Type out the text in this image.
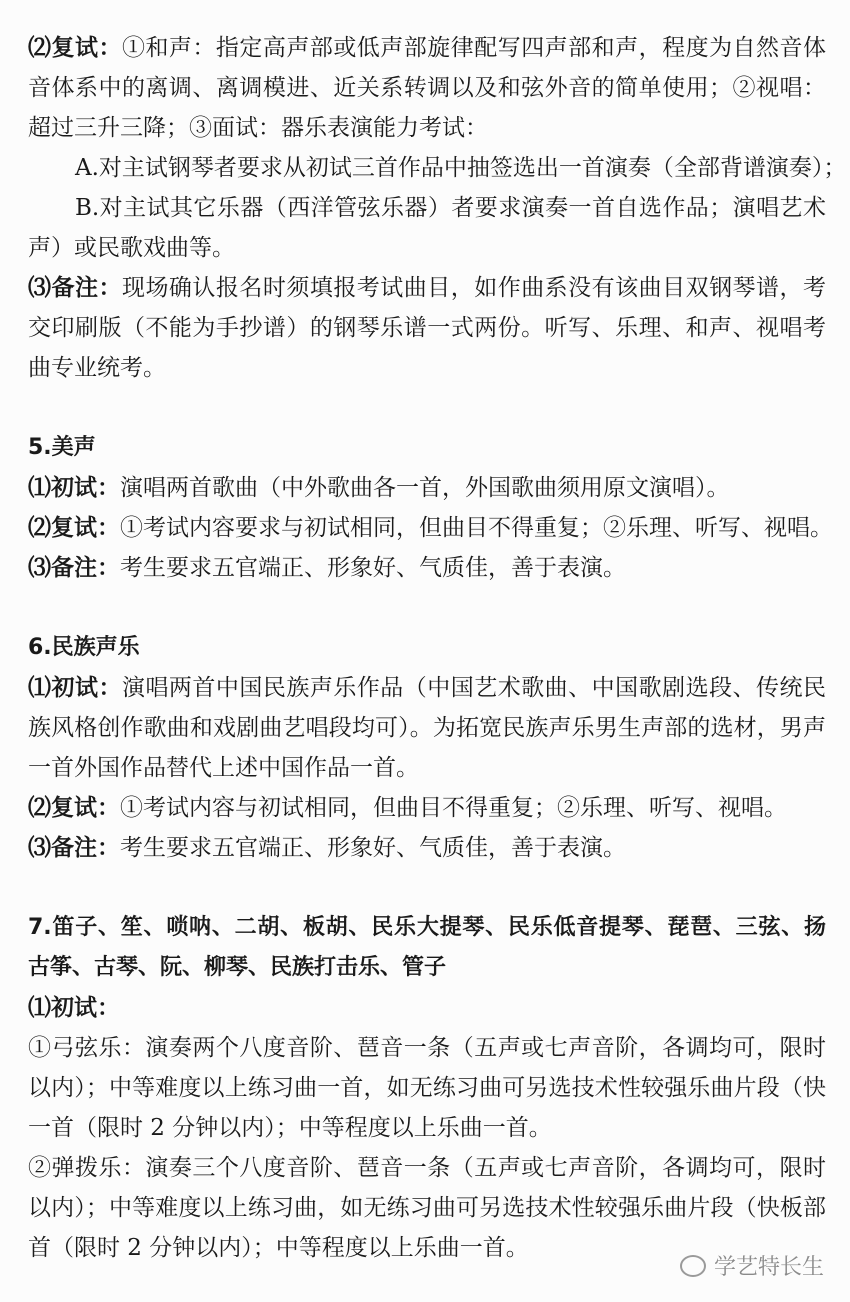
⑵复试：①和声：指定高声部或低声部旋律配写四声部和声，程度为自然音体
音体系中的离调、离调模进、近关系转调以及和弦外音的简单使用；②视唱：
超过三升三降；③面试：器乐表演能力考试：
A.对主试钢琴者要求从初试三首作品中抽签选出一首演奏（全部背谱演奏）；
B.对主试其它乐器（西洋管弦乐器）者要求演奏一首自选作品；演唱艺术
声）或民歌戏曲等。
⑶备注：现场确认报名时须填报考试曲目，如作曲系没有该曲目双钢琴谱，考
交印刷版（不能为手抄谱）的钢琴乐谱一式两份。听写、乐理、和声、视唱考
曲专业统考。
5.美声
⑴初试：演唱两首歌曲（中外歌曲各一首，外国歌曲须用原文演唱）。
⑵复试：①考试内容要求与初试相同，但曲目不得重复；②乐理、听写、视唱。
⑶备注：考生要求五官端正、形象好、气质佳，善于表演。
6.民族声乐
⑴初试：演唱两首中国民族声乐作品（中国艺术歌曲、中国歌剧选段、传统民
族风格创作歌曲和戏剧曲艺唱段均可）。为拓宽民族声乐男生声部的选材，男声
一首外国作品替代上述中国作品一首。
⑵复试：①考试内容与初试相同，但曲目不得重复；②乐理、听写、视唱。
⑶备注：考生要求五官端正、形象好、气质佳，善于表演。
7.笛子、笙、唢呐、二胡、板胡、民乐大提琴、民乐低音提琴、琵琶、三弦、扬
古筝、古琴、阮、柳琴、民族打击乐、管子
⑴初试：
①弓弦乐：演奏两个八度音阶、琶音一条（五声或七声音阶，各调均可，限时
以内）；中等难度以上练习曲一首，如无练习曲可另选技术性较强乐曲片段（快
一首（限时 2 分钟以内）；中等程度以上乐曲一首。
②弹拨乐：演奏三个八度音阶、琶音一条（五声或七声音阶，各调均可，限时
以内）；中等难度以上练习曲，如无练习曲可另选技术性较强乐曲片段（快板部
首（限时 2 分钟以内）；中等程度以上乐曲一首。
学艺特长生
